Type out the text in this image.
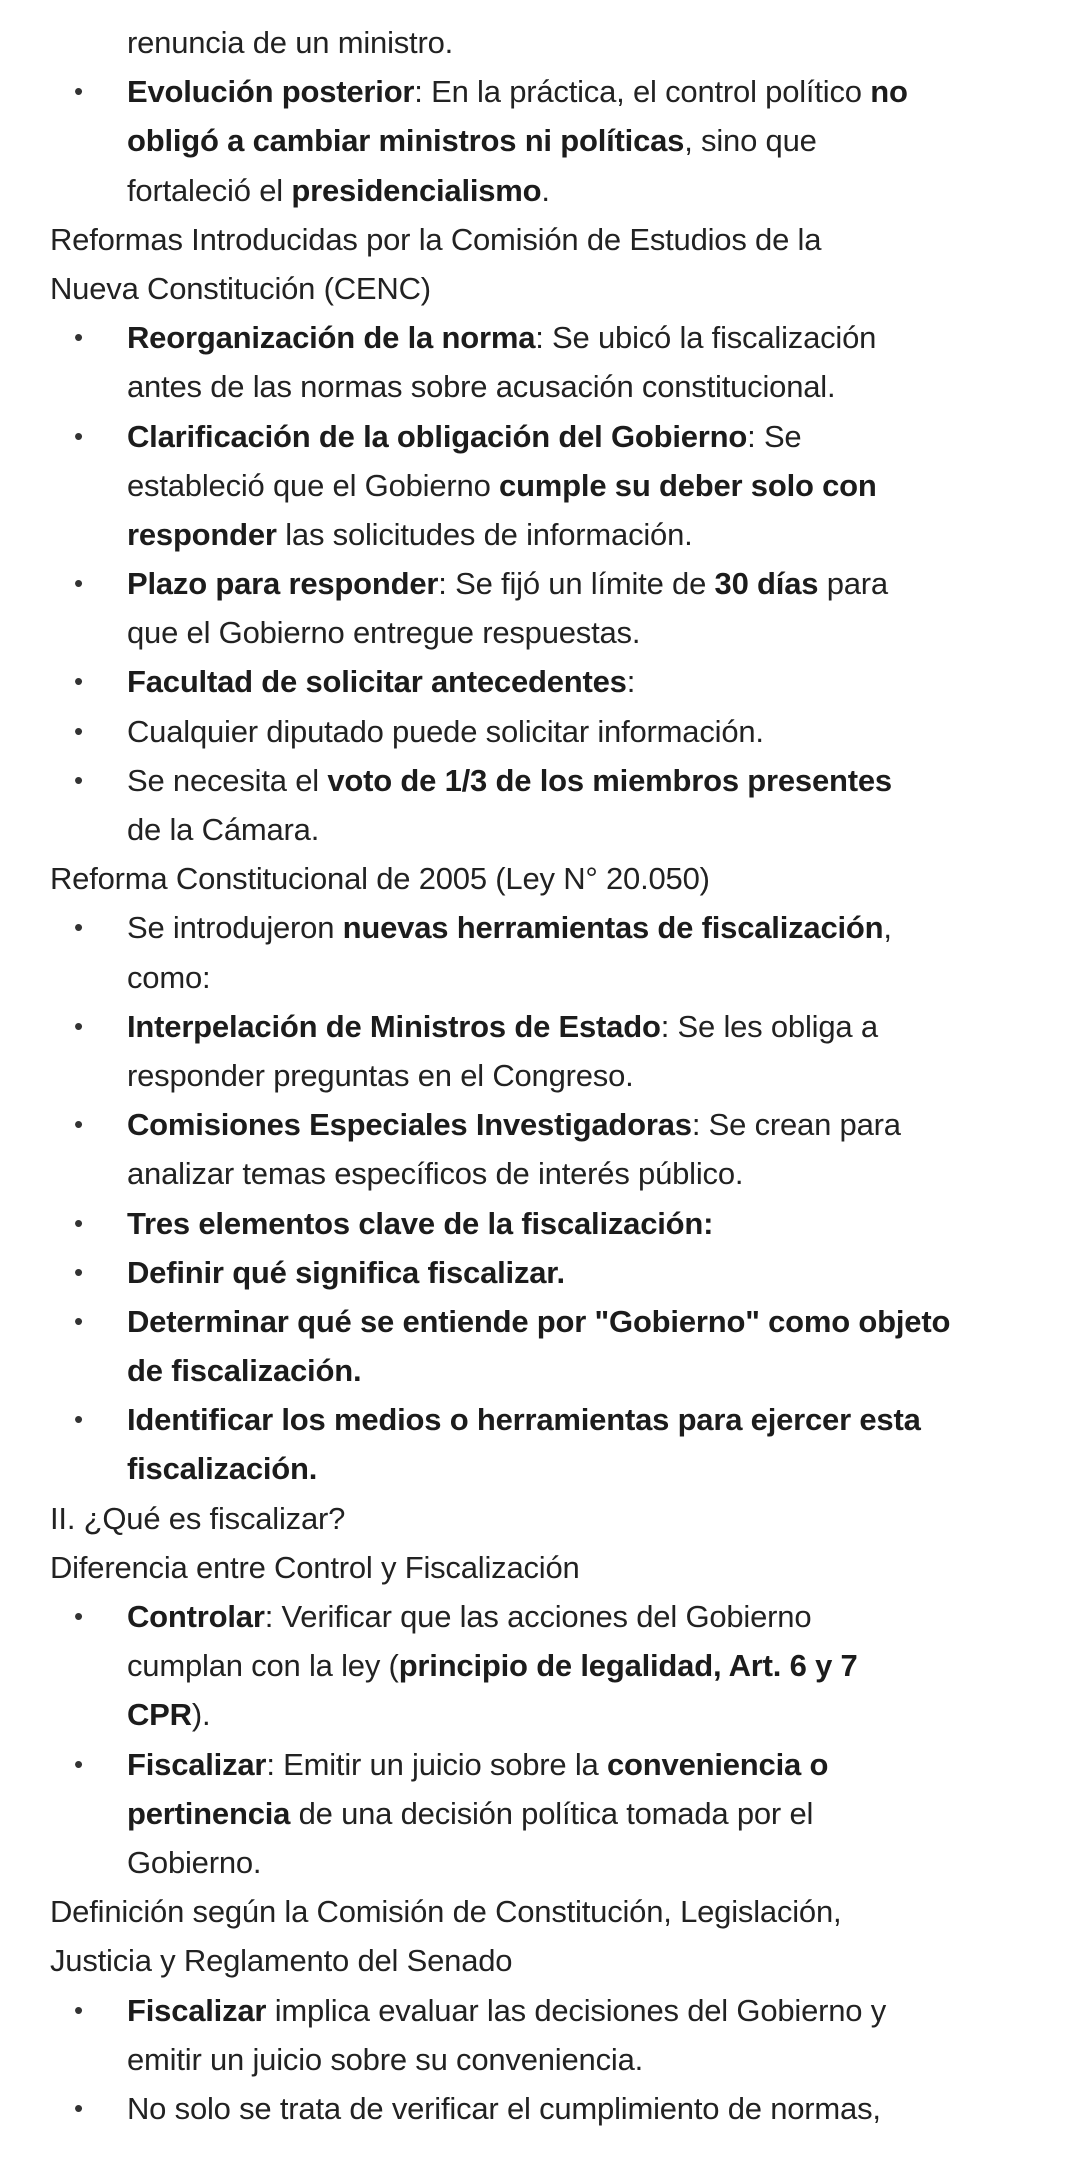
renuncia de un ministro.
• Evolución posterior: En la práctica, el control político no
obligó a cambiar ministros ni políticas, sino que
fortaleció el presidencialismo.
Reformas Introducidas por la Comisión de Estudios de la
Nueva Constitución (CENC)
• Reorganización de la norma: Se ubicó la fiscalización
antes de las normas sobre acusación constitucional.
• Clarificación de la obligación del Gobierno: Se
estableció que el Gobierno cumple su deber solo con
responder las solicitudes de información.
• Plazo para responder: Se fijó un límite de 30 días para
que el Gobierno entregue respuestas.
• Facultad de solicitar antecedentes:
• Cualquier diputado puede solicitar información.
• Se necesita el voto de 1/3 de los miembros presentes
de la Cámara.
Reforma Constitucional de 2005 (Ley N° 20.050)
• Se introdujeron nuevas herramientas de fiscalización,
como:
• Interpelación de Ministros de Estado: Se les obliga a
responder preguntas en el Congreso.
• Comisiones Especiales Investigadoras: Se crean para
analizar temas específicos de interés público.
• Tres elementos clave de la fiscalización:
• Definir qué significa fiscalizar.
• Determinar qué se entiende por "Gobierno" como objeto
de fiscalización.
• Identificar los medios o herramientas para ejercer esta
fiscalización.
II. ¿Qué es fiscalizar?
Diferencia entre Control y Fiscalización
• Controlar: Verificar que las acciones del Gobierno
cumplan con la ley (principio de legalidad, Art. 6 y 7
CPR).
• Fiscalizar: Emitir un juicio sobre la conveniencia o
pertinencia de una decisión política tomada por el
Gobierno.
Definición según la Comisión de Constitución, Legislación,
Justicia y Reglamento del Senado
• Fiscalizar implica evaluar las decisiones del Gobierno y
emitir un juicio sobre su conveniencia.
• No solo se trata de verificar el cumplimiento de normas,
